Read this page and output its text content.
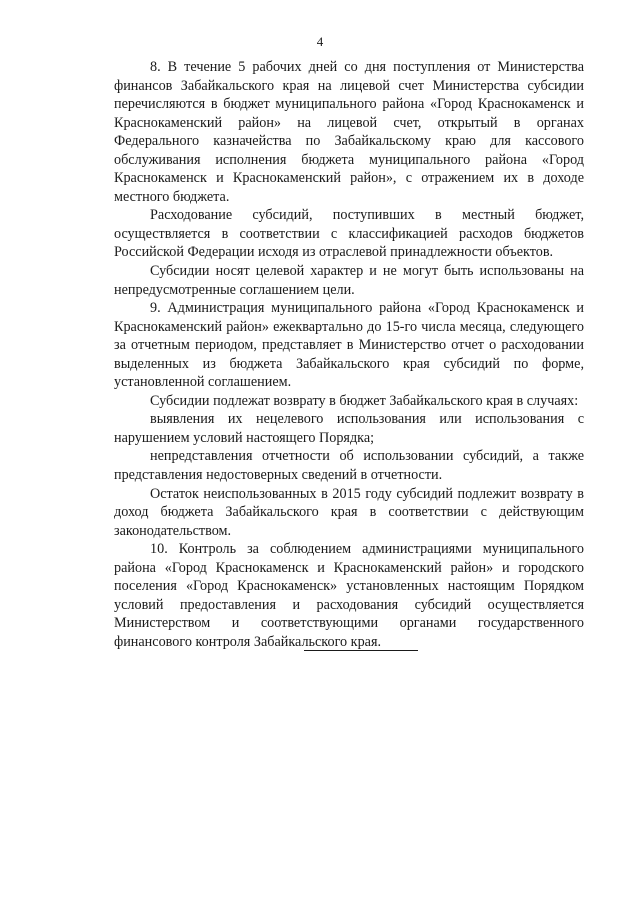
4

8. В течение 5 рабочих дней со дня поступления от Министерства финансов Забайкальского края на лицевой счет Министерства субсидии перечисляются в бюджет муниципального района «Город Краснокаменск и Краснокаменский район» на лицевой счет, открытый в органах Федерального казначейства по Забайкальскому краю для кассового обслуживания исполнения бюджета муниципального района «Город Краснокаменск и Краснокаменский район», с отражением их в доходе местного бюджета.

Расходование субсидий, поступивших в местный бюджет, осуществляется в соответствии с классификацией расходов бюджетов Российской Федерации исходя из отраслевой принадлежности объектов.

Субсидии носят целевой характер и не могут быть использованы на непредусмотренные соглашением цели.

9. Администрация муниципального района «Город Краснокаменск и Краснокаменский район» ежеквартально до 15-го числа месяца, следующего за отчетным периодом, представляет в Министерство отчет о расходовании выделенных из бюджета Забайкальского края субсидий по форме, установленной соглашением.

Субсидии подлежат возврату в бюджет Забайкальского края в случаях:

выявления их нецелевого использования или использования с нарушением условий настоящего Порядка;

непредставления отчетности об использовании субсидий, а также представления недостоверных сведений в отчетности.

Остаток неиспользованных в 2015 году субсидий подлежит возврату в доход бюджета Забайкальского края в соответствии с действующим законодательством.

10. Контроль за соблюдением администрациями муниципального района «Город Краснокаменск и Краснокаменский район» и городского поселения «Город Краснокаменск» установленных настоящим Порядком условий предоставления и расходования субсидий осуществляется Министерством и соответствующими органами государственного финансового контроля Забайкальского края.
